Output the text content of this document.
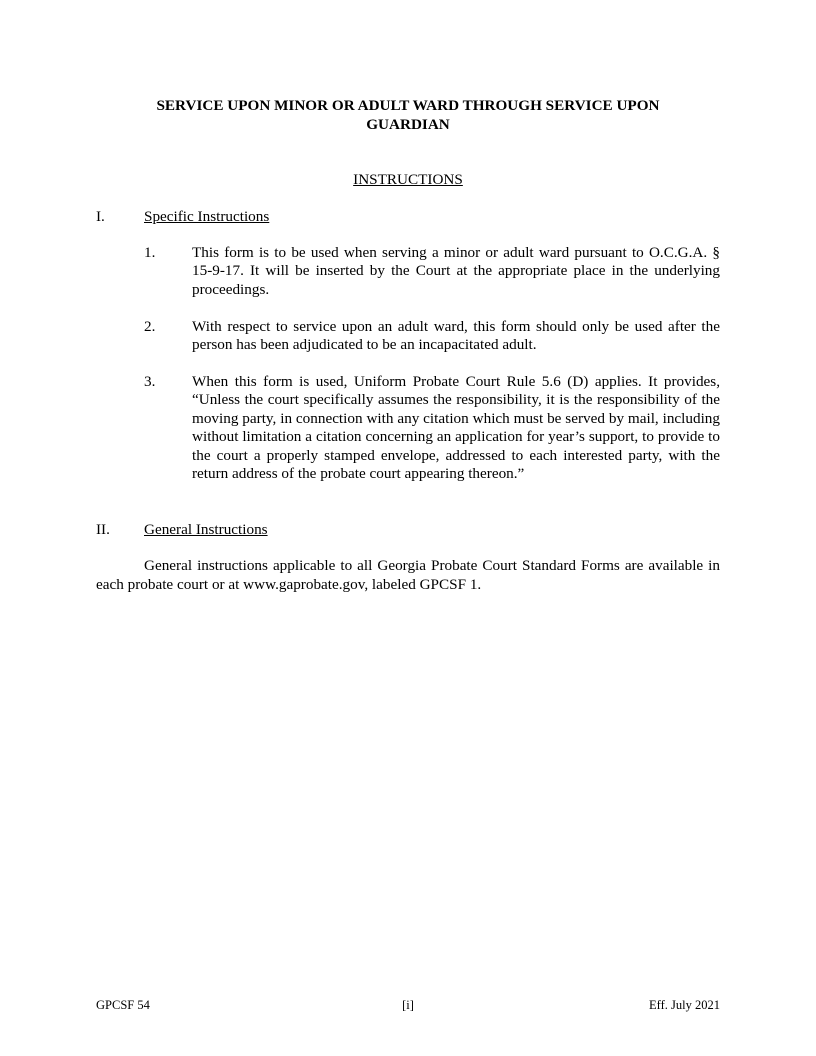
SERVICE UPON MINOR OR ADULT WARD THROUGH SERVICE UPON GUARDIAN
INSTRUCTIONS
I.	Specific Instructions
1. This form is to be used when serving a minor or adult ward pursuant to O.C.G.A. § 15-9-17. It will be inserted by the Court at the appropriate place in the underlying proceedings.
2. With respect to service upon an adult ward, this form should only be used after the person has been adjudicated to be an incapacitated adult.
3. When this form is used, Uniform Probate Court Rule 5.6 (D) applies. It provides, “Unless the court specifically assumes the responsibility, it is the responsibility of the moving party, in connection with any citation which must be served by mail, including without limitation a citation concerning an application for year’s support, to provide to the court a properly stamped envelope, addressed to each interested party, with the return address of the probate court appearing thereon.”
II. General Instructions
General instructions applicable to all Georgia Probate Court Standard Forms are available in each probate court or at www.gaprobate.gov, labeled GPCSF 1.
GPCSF 54	[i]	Eff. July 2021
